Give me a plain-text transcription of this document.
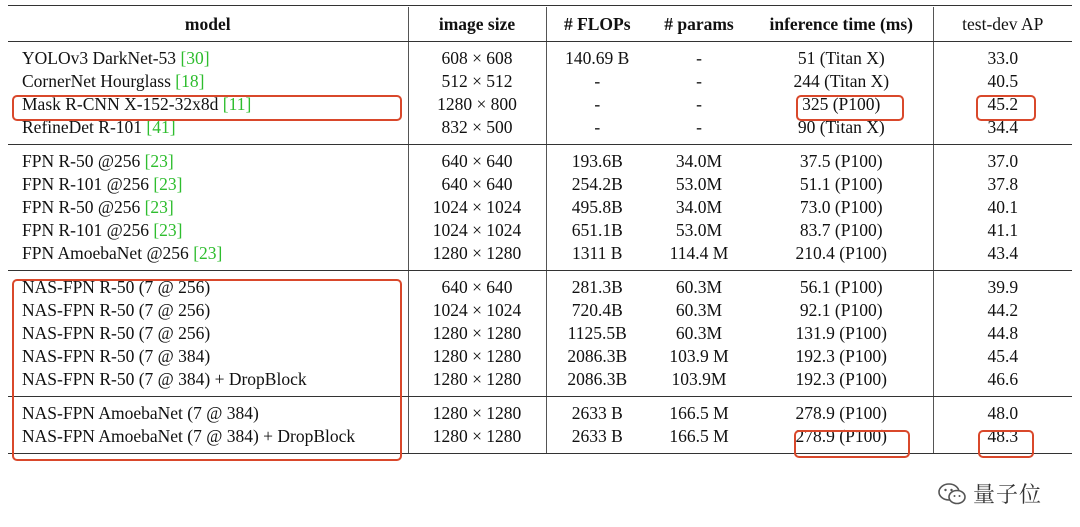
model	image size	# FLOPs	# params	inference time (ms)	test-dev AP
YOLOv3 DarkNet-53 [30]	608 × 608	140.69 B	-	51 (Titan X)	33.0
CornerNet Hourglass [18]	512 × 512	-	-	244 (Titan X)	40.5
Mask R-CNN X-152-32x8d [11]	1280 × 800	-	-	325 (P100)	45.2
RefineDet R-101 [41]	832 × 500	-	-	90 (Titan X)	34.4
FPN R-50 @256 [23]	640 × 640	193.6B	34.0M	37.5 (P100)	37.0
FPN R-101 @256 [23]	640 × 640	254.2B	53.0M	51.1 (P100)	37.8
FPN R-50 @256 [23]	1024 × 1024	495.8B	34.0M	73.0 (P100)	40.1
FPN R-101 @256 [23]	1024 × 1024	651.1B	53.0M	83.7 (P100)	41.1
FPN AmoebaNet @256 [23]	1280 × 1280	1311 B	114.4 M	210.4 (P100)	43.4
NAS-FPN R-50 (7 @ 256)	640 × 640	281.3B	60.3M	56.1 (P100)	39.9
NAS-FPN R-50 (7 @ 256)	1024 × 1024	720.4B	60.3M	92.1 (P100)	44.2
NAS-FPN R-50 (7 @ 256)	1280 × 1280	1125.5B	60.3M	131.9 (P100)	44.8
NAS-FPN R-50 (7 @ 384)	1280 × 1280	2086.3B	103.9 M	192.3 (P100)	45.4
NAS-FPN R-50 (7 @ 384) + DropBlock	1280 × 1280	2086.3B	103.9M	192.3 (P100)	46.6
NAS-FPN AmoebaNet (7 @ 384)	1280 × 1280	2633 B	166.5 M	278.9 (P100)	48.0
NAS-FPN AmoebaNet (7 @ 384) + DropBlock	1280 × 1280	2633 B	166.5 M	278.9 (P100)	48.3
量子位
